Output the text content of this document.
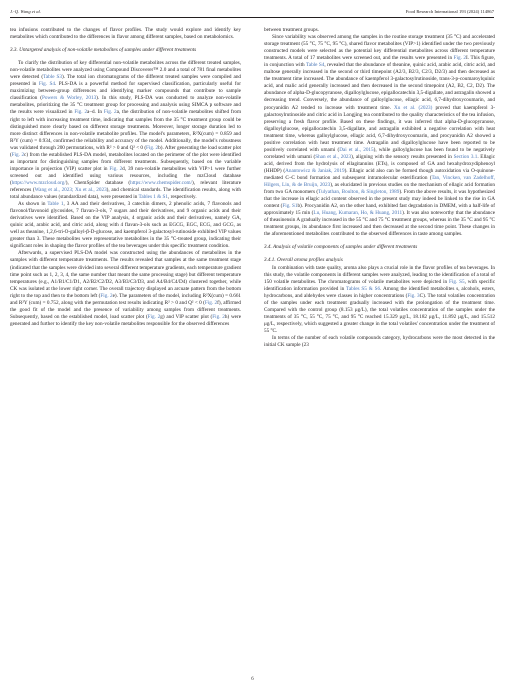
J.-Q. Wang et al.	Food Research International 193 (2024) 114867

tea infusions contributed to the changes of flavor profiles. The study would explore and identify key metabolites which contributed to the differences in flavor among different samples, based on metabolomics.

3.3. Untargeted analysis of non-volatile metabolites of samples under different treatments

To clarify the distribution of key differential non-volatile metabolites across the different treated samples, non-volatile metabolites were analyzed using Compound Discoverer™ 2.0 and a total of 781 final metabolites were detected (Table S3). The total ion chromatograms of the different treated samples were compiled and presented in Fig. S4. PLS-DA is a powerful method for supervised classification, particularly useful for maximizing between-group differences and identifying marker compounds that contribute to sample classification (Powers & Worley, 2013). In this study, PLS-DA was conducted to analyze non-volatile metabolites, prioritizing the 35 °C treatment group for processing and analysis using SIMCA p software and the results were visualized in Fig. 2a–d. In Fig. 2a, the distribution of non-volatile metabolites shifted from right to left with increasing treatment time, indicating that samples from the 35 °C treatment group could be distinguished more clearly based on different storage treatments. Moreover, longer storage duration led to more distinct differences in non-volatile metabolite profiles. The model's parameters, R²X(cum) = 0.859 and R²Y (cum) = 0.934, confirmed the reliability and accuracy of the model. Additionally, the model's robustness was validated through 200 permutations, with R² > 0 and Q² < 0 (Fig. 2b). After generating the load scatter plot (Fig. 2c) from the established PLS-DA model, metabolites located on the perimeter of the plot were identified as important for distinguishing samples from different treatments. Subsequently, based on the variable importance in projection (VIP) scatter plot in Fig. 2d, 39 non-volatile metabolites with VIP>1 were further screened out and identified using various resources, including the mzCloud database (https://www.mzcloud.org/), ChemSpider database (https://www.chemspider.com/), relevant literature references (Wang et al., 2023; Xu et al., 2023), and chemical standards. The identification results, along with total abundance values (standardized data), were presented in Tables 1 & S1, respectively.

As shown in Table 1, 3 AA and their derivatives, 3 catechin dimers, 2 phenolic acids, 7 flavonols and flavonol/flavonoid glycosides, 7 flavan-3-ols, 7 sugars and their derivatives, and 9 organic acids and their derivatives were identified. Based on the VIP analysis, 4 organic acids and their derivatives, namely GA, quinic acid, arabic acid, and citric acid, along with 4 flavan-3-ols such as EGCG, EGC, ECG, and GCG, as well as theanine, 1,2,6-tri-O-galloyl-β-D-glucose, and kaempferol 3-galactosyl-rutinoside exhibited VIP values greater than 3. These metabolites were representative metabolites in the 35 °C-treated group, indicating their significant roles in shaping the flavor profiles of the tea beverages under this specific treatment condition.

Afterwards, a supervised PLS-DA model was constructed using the abundances of metabolites in the samples with different temperature treatments. The results revealed that samples at the same treatment stage (indicated that the samples were divided into several different temperature gradients, each temperature gradient time point such as 1, 2, 3, 4, the same number that meant the same processing stage) but different temperature temperatures (e.g., A1/B1/C1/D1, A2/B2/C2/D2, A3/B3/C3/D3, and A4/B4/C4/D4) clustered together, while CK was isolated at the lower right corner. The overall trajectory displayed an arcuate pattern from the bottom right to the top and then to the bottom left (Fig. 2e). The parameters of the model, including R²X(cum) = 0.661 and R²Y (cum) = 0.752, along with the permutation test results indicating R² > 0 and Q² < 0 (Fig. 2f), affirmed the good fit of the model and the presence of variability among samples from different treatments. Subsequently, based on the established model, load scatter plot (Fig. 2g) and VIP scatter plot (Fig. 2h) were generated and further to identify the key non-volatile metabolites responsible for the observed differences

between treatment groups.

Since variability was observed among the samples in the routine storage treatment (35 °C) and accelerated storage treatment (55 °C, 75 °C, 95 °C), shared flavor metabolites (VIP>1) identified under the two previously constructed models were selected as the potential key differential metabolites across different temperature treatments. A total of 17 metabolites were screened out, and the results were presented in Fig. 2I. This figure, in conjunction with Table S4, revealed that the abundance of theanine, quinic acid, arabic acid, citric acid, and maltose generally increased in the second or third timepoint (A2/3, B2/3, C2/3, D2/3) and then decreased as the treatment time increased. The abundance of kaempferol 3-galactosylrutinoside, trans-3-p-coumaroylquinic acid, and malic acid generally increased and then decreased in the second timepoint (A2, B2, C2, D2). The abundance of alpha-D-glucopyranose, digalloylglucose, epigallocatechin 3,5-digallate, and astragalin showed a decreasing trend. Conversely, the abundance of galloylglucose, ellagic acid, 6,7-dihydroxycoumarin, and procyanidin A2 tended to increase with treatment time. Xu et al. (2023) proved that kaempferol 3-galactosylrutinoside and citric acid in Longjing tea contributed to the quality characteristics of the tea infusion, preserving a fresh flavor profile. Based on these findings, it was inferred that alpha-D-glucopyranose, digalloylglucose, epigallocatechin 3,5-digallate, and astragalin exhibited a negative correlation with heat treatment time, whereas galloylglucose, ellagic acid, 6,7-dihydroxycoumarin, and procyanidin A2 showed a positive correlation with heat treatment time. Astragalin and digalloylglucose have been reported to be positively correlated with umami (Dai et al., 2015), while galloylglucose has been found to be negatively correlated with umami (Shan et al., 2023), aligning with the sensory results presented in Section 3.1. Ellagic acid, derived from the hydrolysis of ellagitannins (ETs), is composed of GA and hexahydroxydiphenoyl (HHDP) (Anantowicz & Janiak, 2019). Ellagic acid also can be formed though autoxidation via O-quinone-mediated C–C bond formation and subsequent intramolecular esterification (Tan, Vincken, van Zadelhoff, Hilgers, Lin, & de Bruijn, 2023), as elucidated in previous studies on the mechanism of ellagic acid formation from two GA monomers (Tulyathan, Boulton, & Singleton, 1989). From the above results, it was hypothesized that the increase in ellagic acid content observed in the present study may indeed be linked to the rise in GA content (Fig. S1b). Procyanidin A2, on the other hand, exhibited fast degradation in DMEM, with a half-life of approximately 15 min (Lu, Huang, Kumaran, Ho, & Huang, 2011). It was also noteworthy that the abundance of theasinensin A gradually increased in the 55 °C and 75 °C treatment groups, whereas in the 35 °C and 95 °C treatment groups, its abundance first increased and then decreased at the second time point. These changes in the aforementioned metabolites contributed to the observed differences in taste among samples.

3.4. Analysis of volatile components of samples under different treatments
3.4.1. Overall aroma profiles analysis

In combination with taste quality, aroma also plays a crucial role in the flavor profiles of tea beverages. In this study, the volatile components in different samples were analyzed, leading to the identification of a total of 150 volatile metabolites. The chromatograms of volatile metabolites were depicted in Fig. S5, with specific identification information provided in Tables S5 & S6. Among the identified metabolites s, alcohols, esters, hydrocarbons, and aldehydes were classes in higher concentrations (Fig. 3C). The total volatiles concentration of the samples under each treatment gradually increased with the prolongation of the treatment time. Compared with the control group (8.153 μg/L), the total volatiles concentration of the samples under the treatments of 35 °C, 55 °C, 75 °C, and 95 °C reached 15.329 μg/L, 18.182 μg/L, 11.892 μg/L, and 15.512 μg/L, respectively, which suggested a greater change in the total volatiles' concentration under the treatment of 55 °C.

In terms of the number of each volatile compounds category, hydrocarbons were the most detected in the initial CK sample (23

6
